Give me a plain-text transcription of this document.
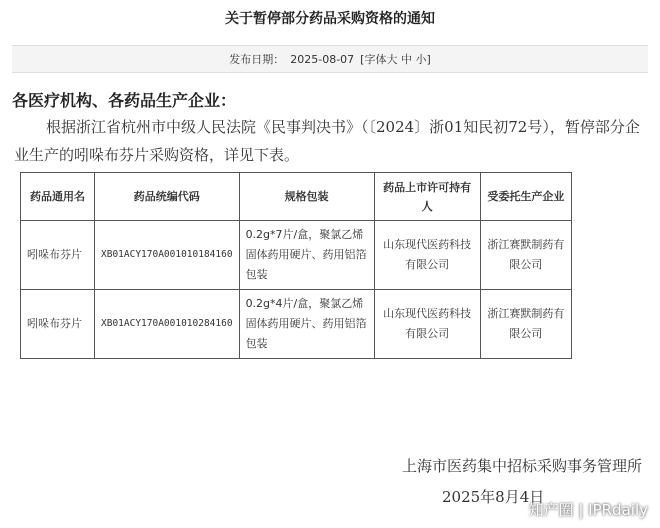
关于暂停部分药品采购资格的通知
发布日期： 2025-08-07 [字体大 中 小]
各医疗机构、各药品生产企业：
根据浙江省杭州市中级人民法院《民事判决书》（〔2024〕浙01知民初72号），暂停部分企业生产的吲哚布芬片采购资格，详见下表。
药品通用名	药品统编代码	规格包装	药品上市许可持有人	受委托生产企业
吲哚布芬片	XB01ACY170A001010184160	0.2g*7片/盒，聚氯乙烯固体药用硬片、药用铝箔包装	山东现代医药科技有限公司	浙江赛默制药有限公司
吲哚布芬片	XB01ACY170A001010284160	0.2g*4片/盒，聚氯乙烯固体药用硬片、药用铝箔包装	山东现代医药科技有限公司	浙江赛默制药有限公司
上海市医药集中招标采购事务管理所
2025年8月4日
知产圈 | IPRdaily
